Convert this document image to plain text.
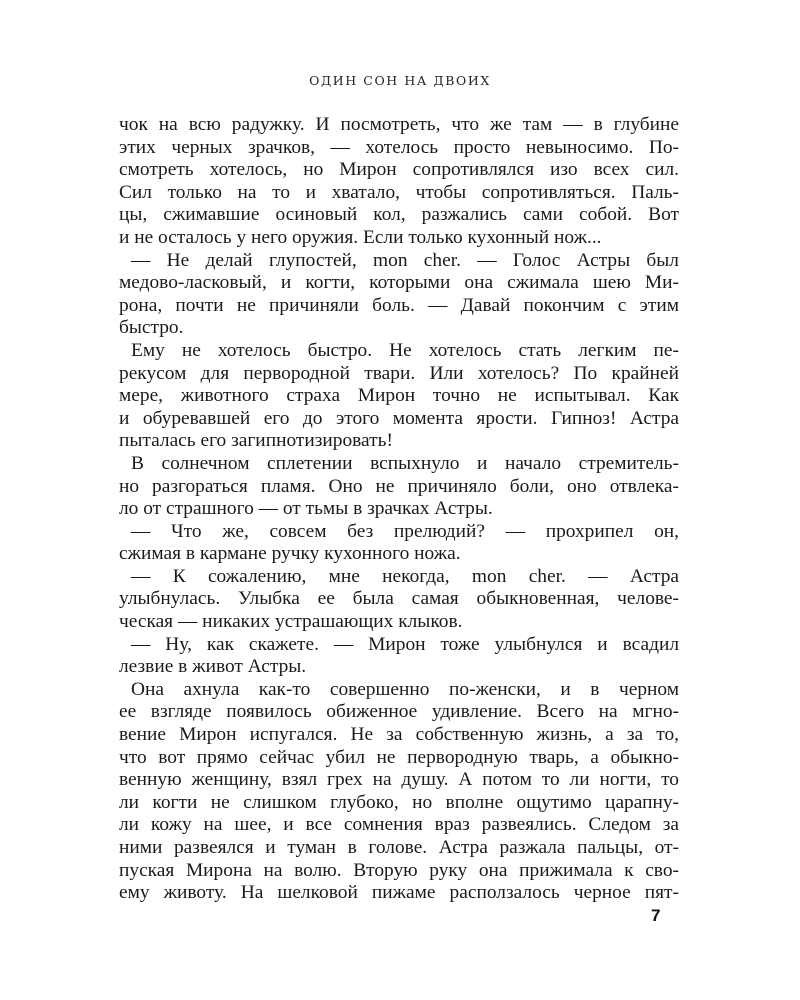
ОДИН СОН НА ДВОИХ
чок на всю радужку. И посмотреть, что же там — в глубине
этих черных зрачков, — хотелось просто невыносимо. По-
смотреть хотелось, но Мирон сопротивлялся изо всех сил.
Сил только на то и хватало, чтобы сопротивляться. Паль-
цы, сжимавшие осиновый кол, разжались сами собой. Вот
и не осталось у него оружия. Если только кухонный нож...
— Не делай глупостей, mon cher. — Голос Астры был
медово-ласковый, и когти, которыми она сжимала шею Ми-
рона, почти не причиняли боль. — Давай покончим с этим
быстро.
Ему не хотелось быстро. Не хотелось стать легким пе-
рекусом для первородной твари. Или хотелось? По крайней
мере, животного страха Мирон точно не испытывал. Как
и обуревавшей его до этого момента ярости. Гипноз! Астра
пыталась его загипнотизировать!
В солнечном сплетении вспыхнуло и начало стремитель-
но разгораться пламя. Оно не причиняло боли, оно отвлека-
ло от страшного — от тьмы в зрачках Астры.
— Что же, совсем без прелюдий? — прохрипел он,
сжимая в кармане ручку кухонного ножа.
— К сожалению, мне некогда, mon cher. — Астра
улыбнулась. Улыбка ее была самая обыкновенная, челове-
ческая — никаких устрашающих клыков.
— Ну, как скажете. — Мирон тоже улыбнулся и всадил
лезвие в живот Астры.
Она ахнула как-то совершенно по-женски, и в черном
ее взгляде появилось обиженное удивление. Всего на мгно-
вение Мирон испугался. Не за собственную жизнь, а за то,
что вот прямо сейчас убил не первородную тварь, а обыкно-
венную женщину, взял грех на душу. А потом то ли ногти, то
ли когти не слишком глубоко, но вполне ощутимо царапну-
ли кожу на шее, и все сомнения враз развеялись. Следом за
ними развеялся и туман в голове. Астра разжала пальцы, от-
пуская Мирона на волю. Вторую руку она прижимала к сво-
ему животу. На шелковой пижаме расползалось черное пят-
7
